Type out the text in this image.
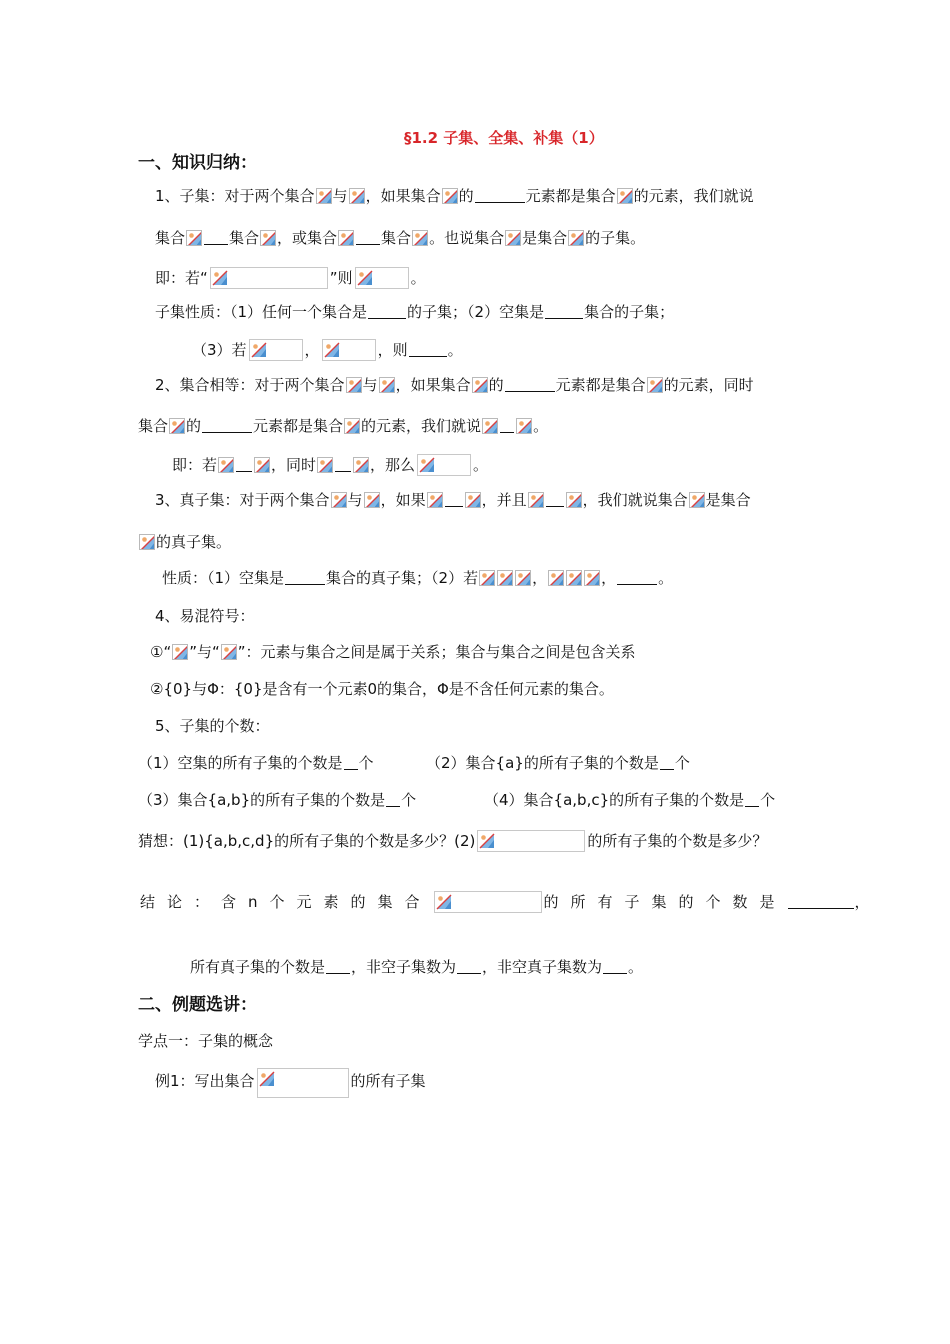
§1.2 子集、全集、补集（1）
一、知识归纳：
1、子集：对于两个集合 与 ，如果集合 的	元素都是集合 的元素，我们就说
集合	集合 ，或集合	集合 。也说集合 是集合 的子集。
即：若“	”则	。
子集性质：（1）任何一个集合是	的子集；（2）空集是	集合的子集；
（3）若	，	，则	。
2、集合相等：对于两个集合 与 ，如果集合 的	元素都是集合 的元素，同时
集合 的	元素都是集合 的元素，我们就说	。
即：若	，同时	，那么	。
3、真子集：对于两个集合 与 ，如果	，并且	，我们就说集合 是集合
的真子集。
性质：（1）空集是	集合的真子集；（2）若	，	，	。
4、易混符号：
①“ ”与“ ”：元素与集合之间是属于关系；集合与集合之间是包含关系
②{0}与Φ：{0}是含有一个元素0的集合，Φ是不含任何元素的集合。
5、子集的个数：
（1）空集的所有子集的个数是 个	（2）集合{a}的所有子集的个数是 个
（3）集合{a,b}的所有子集的个数是 个	（4）集合{a,b,c}的所有子集的个数是 个
猜想：(1){a,b,c,d}的所有子集的个数是多少？(2)	的所有子集的个数是多少？
结论：含n个元素的集合	的所有子集的个数是	，
所有真子集的个数是 ，非空子集数为 ，非空真子集数为 。
二、例题选讲：
学点一：子集的概念
例1：写出集合	的所有子集
